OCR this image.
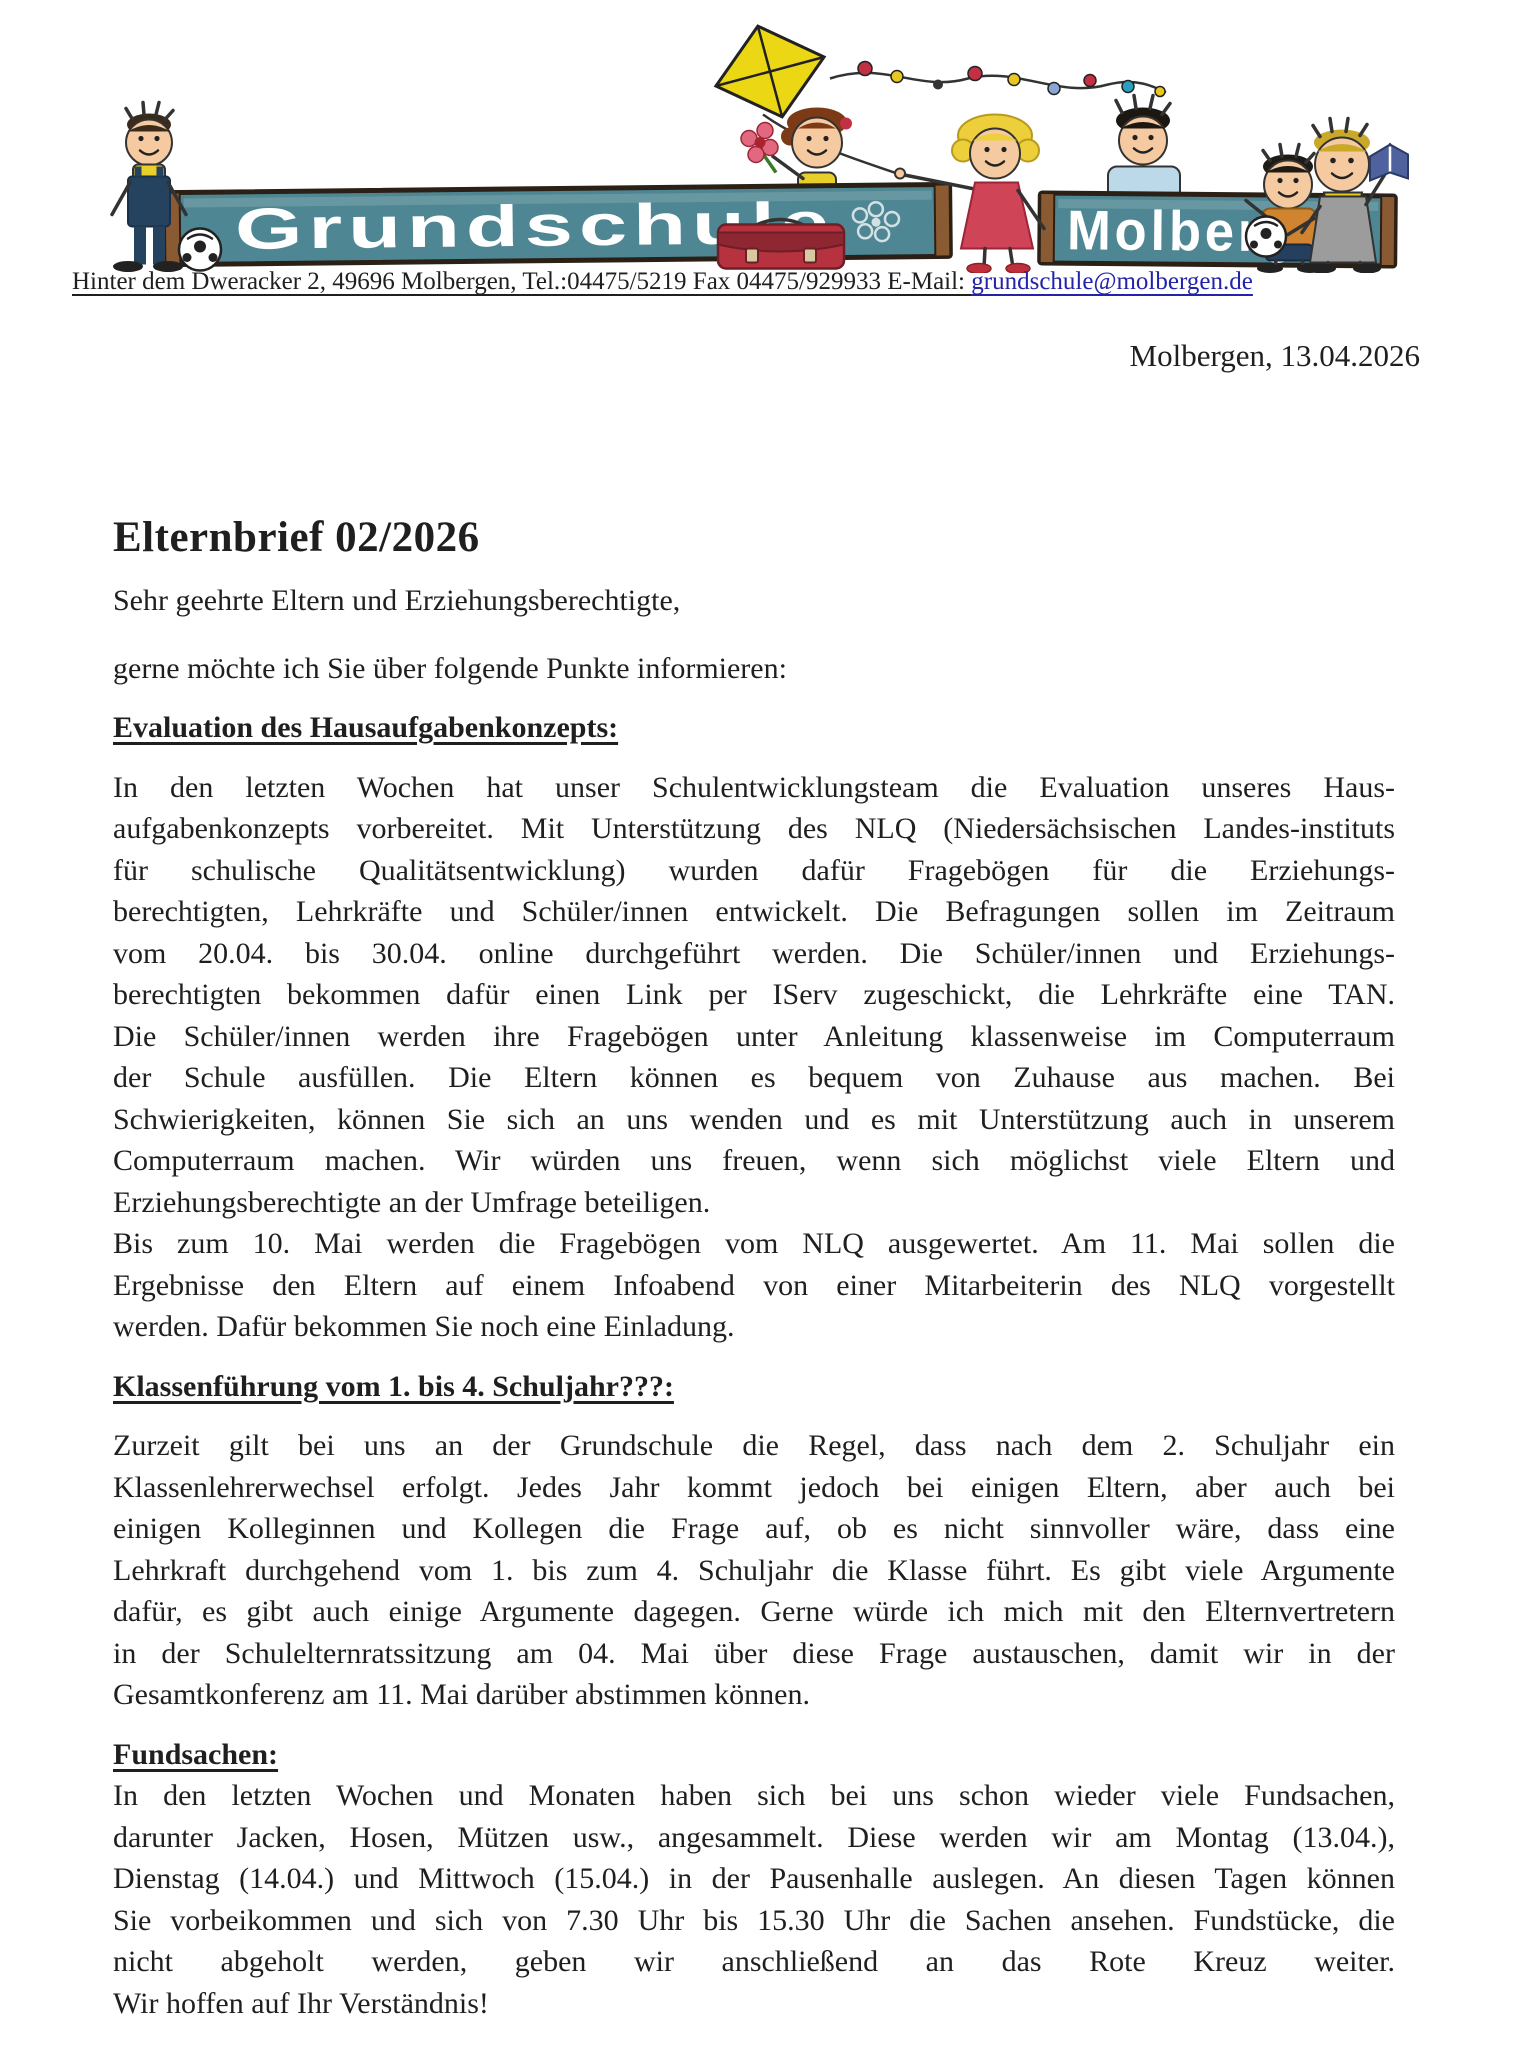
Grundschule	Molbergen
Hinter dem Dweracker 2, 49696 Molbergen, Tel.:04475/5219 Fax 04475/929933 E-Mail: grundschule@molbergen.de
Molbergen, 13.04.2026
Elternbrief 02/2026

Sehr geehrte Eltern und Erziehungsberechtigte,

gerne möchte ich Sie über folgende Punkte informieren:

Evaluation des Hausaufgabenkonzepts:
In den letzten Wochen hat unser Schulentwicklungsteam die Evaluation unseres Haus-
aufgabenkonzepts vorbereitet. Mit Unterstützung des NLQ (Niedersächsischen Landes-instituts
für schulische Qualitätsentwicklung) wurden dafür Fragebögen für die Erziehungs-
berechtigten, Lehrkräfte und Schüler/innen entwickelt. Die Befragungen sollen im Zeitraum
vom 20.04. bis 30.04. online durchgeführt werden. Die Schüler/innen und Erziehungs-
berechtigten bekommen dafür einen Link per IServ zugeschickt, die Lehrkräfte eine TAN.
Die Schüler/innen werden ihre Fragebögen unter Anleitung klassenweise im Computerraum
der Schule ausfüllen. Die Eltern können es bequem von Zuhause aus machen. Bei
Schwierigkeiten, können Sie sich an uns wenden und es mit Unterstützung auch in unserem
Computerraum machen. Wir würden uns freuen, wenn sich möglichst viele Eltern und
Erziehungsberechtigte an der Umfrage beteiligen.
Bis zum 10. Mai werden die Fragebögen vom NLQ ausgewertet. Am 11. Mai sollen die
Ergebnisse den Eltern auf einem Infoabend von einer Mitarbeiterin des NLQ vorgestellt
werden. Dafür bekommen Sie noch eine Einladung.
Klassenführung vom 1. bis 4. Schuljahr???:
Zurzeit gilt bei uns an der Grundschule die Regel, dass nach dem 2. Schuljahr ein
Klassenlehrerwechsel erfolgt. Jedes Jahr kommt jedoch bei einigen Eltern, aber auch bei
einigen Kolleginnen und Kollegen die Frage auf, ob es nicht sinnvoller wäre, dass eine
Lehrkraft durchgehend vom 1. bis zum 4. Schuljahr die Klasse führt. Es gibt viele Argumente
dafür, es gibt auch einige Argumente dagegen. Gerne würde ich mich mit den Elternvertretern
in der Schulelternratssitzung am 04. Mai über diese Frage austauschen, damit wir in der
Gesamtkonferenz am 11. Mai darüber abstimmen können.
Fundsachen:
In den letzten Wochen und Monaten haben sich bei uns schon wieder viele Fundsachen,
darunter Jacken, Hosen, Mützen usw., angesammelt. Diese werden wir am Montag (13.04.),
Dienstag (14.04.) und Mittwoch (15.04.) in der Pausenhalle auslegen. An diesen Tagen können
Sie vorbeikommen und sich von 7.30 Uhr bis 15.30 Uhr die Sachen ansehen. Fundstücke, die
nicht abgeholt werden, geben wir anschließend an das Rote Kreuz weiter.
Wir hoffen auf Ihr Verständnis!
